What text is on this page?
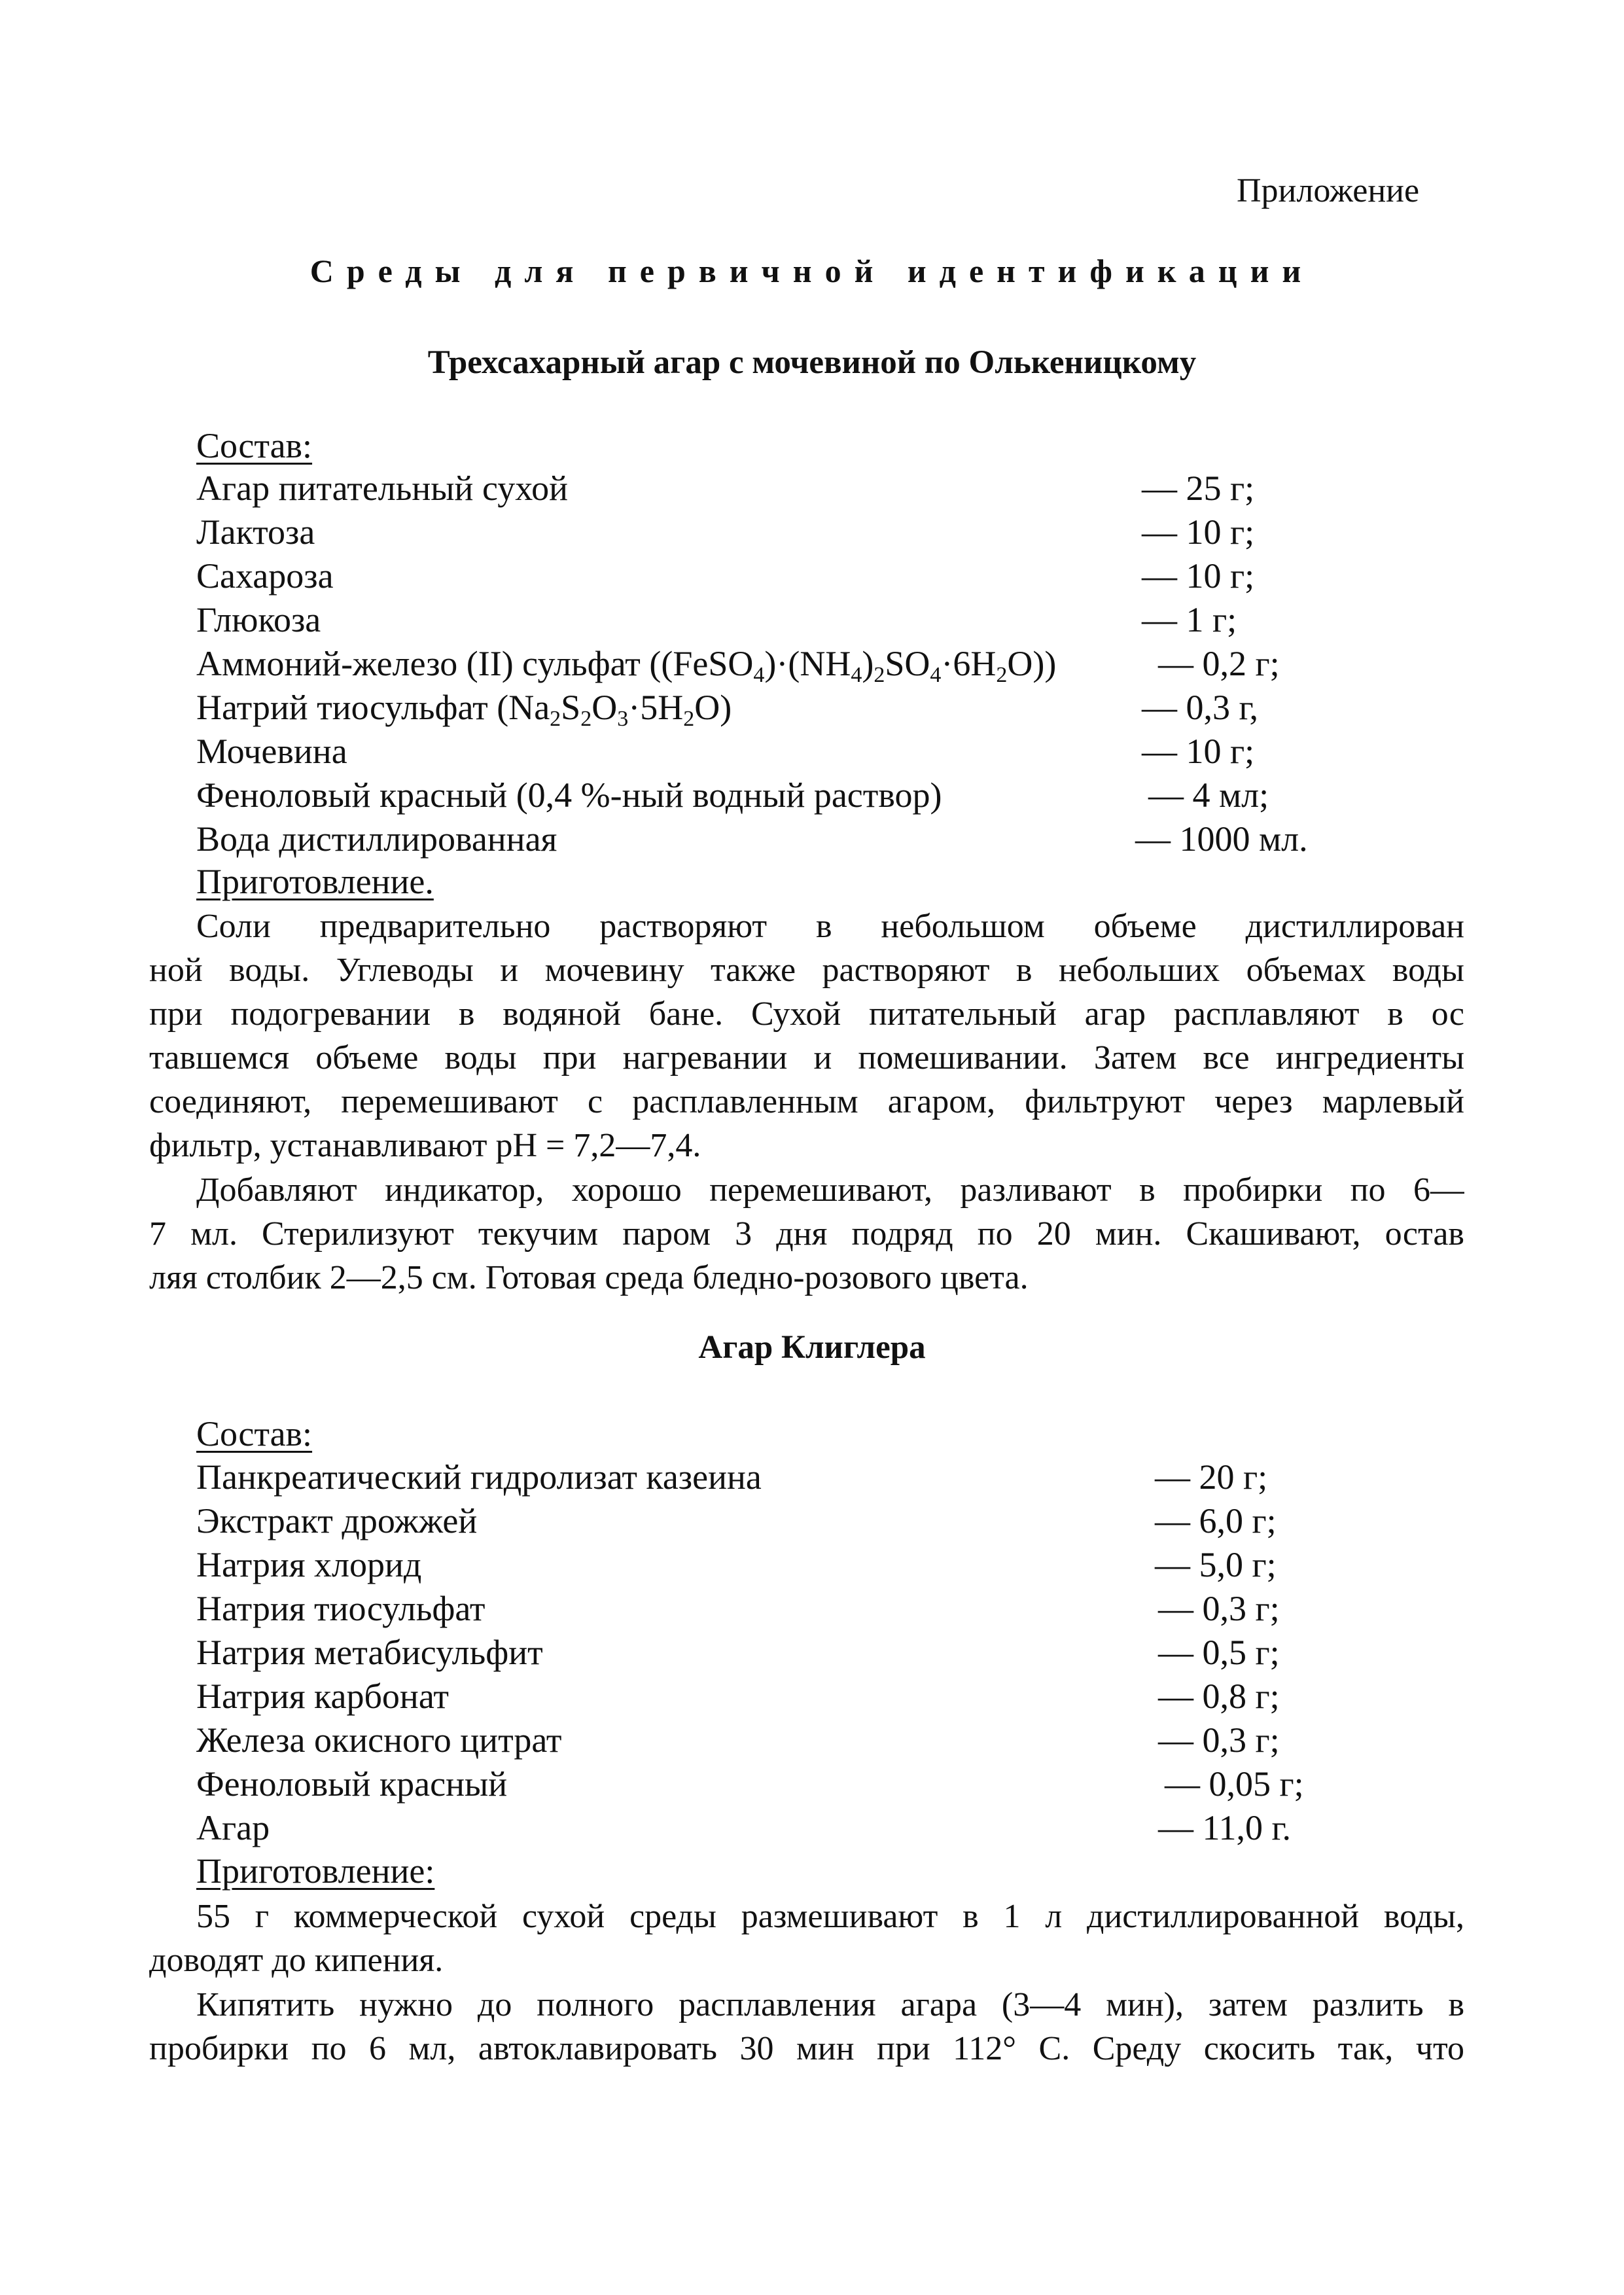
Приложение
Среды для первичной идентификации
Трехсахарный агар с мочевиной по Олькеницкому
Состав:
Агар питательный сухой	— 25 г;
Лактоза	— 10 г;
Сахароза	— 10 г;
Глюкоза	— 1 г;
Аммоний-железо (II) сульфат $((FeSO_4)\cdot(NH_4)_2SO_4\cdot 6H_2O)$)	— 0,2 г;
Натрий тиосульфат $(Na_2S_2O_3\cdot 5H_2O)$	— 0,3 г,
Мочевина	— 10 г;
Феноловый красный (0,4 %-ный водный раствор)	— 4 мл;
Вода дистиллированная	— 1000 мл.
Приготовление.
Соли предварительно растворяют в небольшом объеме дистиллирован
ной воды. Углеводы и мочевину также растворяют в небольших объемах воды
при подогревании в водяной бане. Сухой питательный агар расплавляют в ос
тавшемся объеме воды при нагревании и помешивании. Затем все ингредиенты
соединяют, перемешивают с расплавленным агаром, фильтруют через марлевый
фильтр, устанавливают pH = 7,2—7,4.
Добавляют индикатор, хорошо перемешивают, разливают в пробирки по 6—
7 мл. Стерилизуют текучим паром 3 дня подряд по 20 мин. Скашивают, остав
ляя столбик 2—2,5 см. Готовая среда бледно-розового цвета.
Агар Клиглера
Состав:
Панкреатический гидролизат казеина	— 20 г;
Экстракт дрожжей	— 6,0 г;
Натрия хлорид	— 5,0 г;
Натрия тиосульфат	— 0,3 г;
Натрия метабисульфит	— 0,5 г;
Натрия карбонат	— 0,8 г;
Железа окисного цитрат	— 0,3 г;
Феноловый красный	— 0,05 г;
Агар	— 11,0 г.
Приготовление:
55 г коммерческой сухой среды размешивают в 1 л дистиллированной воды,
доводят до кипения.
Кипятить нужно до полного расплавления агара (3—4 мин), затем разлить в
пробирки по 6 мл, автоклавировать 30 мин при 112° С. Среду скосить так, что
